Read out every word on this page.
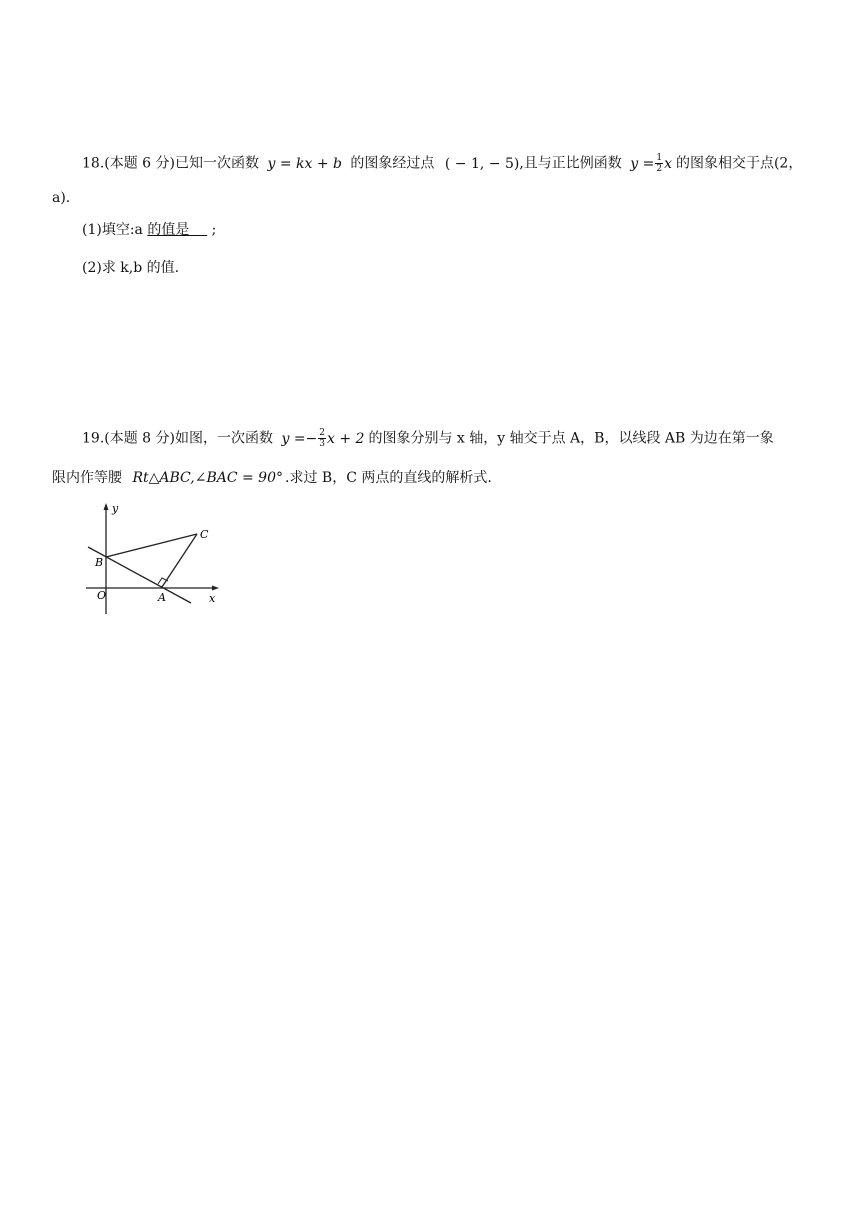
18.(本题 6 分)已知一次函数 y = kx + b 的图象经过点 ( − 1, − 5),且与正比例函数 $y = \frac{1}{2}$ x 的图象相交于点(2，
a).
(1)填空:a 的值是 ;
(2)求 k,b 的值.
19.(本题 8 分)如图，一次函数 $y =- \frac{2}{3}$ x + 2 的图象分别与 x 轴，y 轴交于点 A，B，以线段 AB 为边在第一象
限内作等腰 Rt△ABC,∠BAC = 90° .求过 B，C 两点的直线的解析式.
y
x
O	A
B
C
